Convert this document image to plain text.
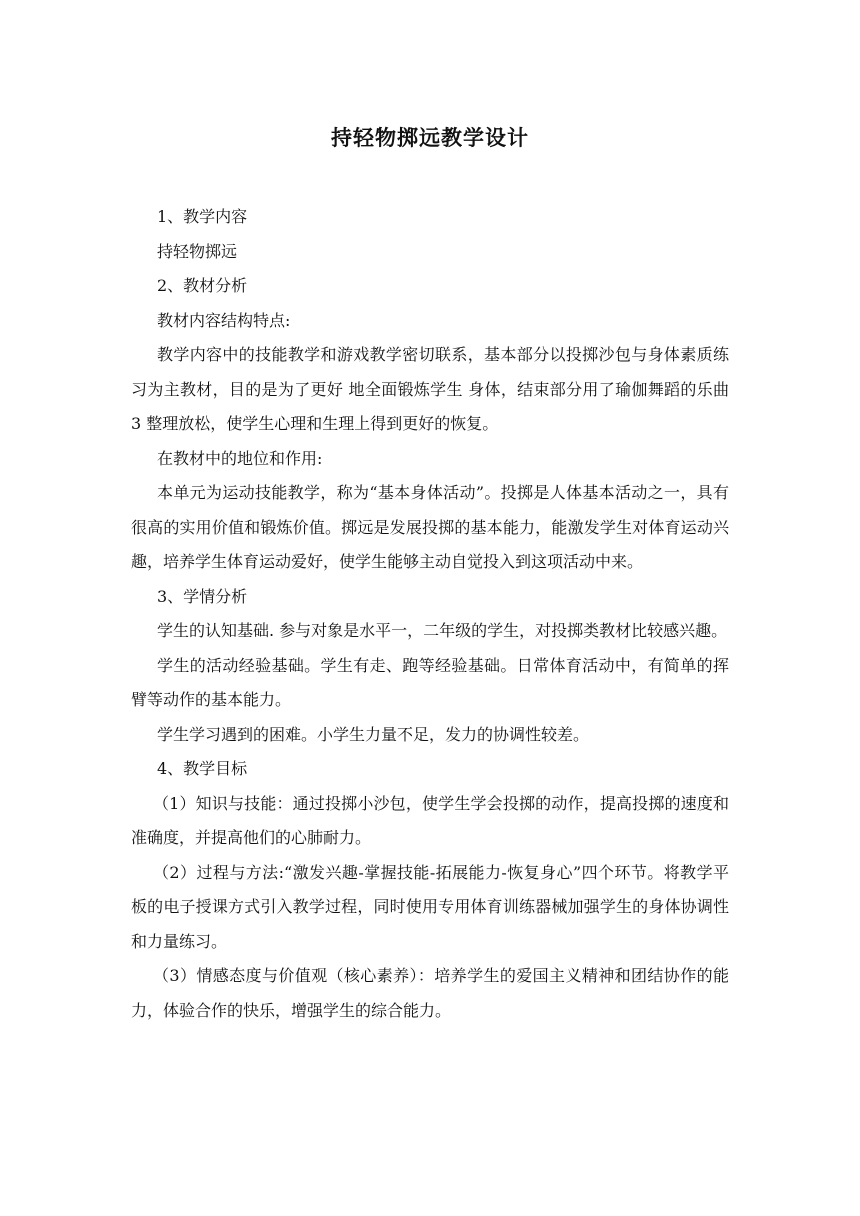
持轻物掷远教学设计

1、教学内容

持轻物掷远

2、教材分析

教材内容结构特点:

教学内容中的技能教学和游戏教学密切联系，基本部分以投掷沙包与身体素质练习为主教材，目的是为了更好 地全面锻炼学生 身体，结束部分用了瑜伽舞蹈的乐曲 3 整理放松，使学生心理和生理上得到更好的恢复。

在教材中的地位和作用:

本单元为运动技能教学，称为“基本身体活动”。投掷是人体基本活动之一，具有很高的实用价值和锻炼价值。掷远是发展投掷的基本能力，能激发学生对体育运动兴趣，培养学生体育运动爱好，使学生能够主动自觉投入到这项活动中来。

3、学情分析

学生的认知基础. 参与对象是水平一，二年级的学生，对投掷类教材比较感兴趣。

学生的活动经验基础。学生有走、跑等经验基础。日常体育活动中，有简单的挥臂等动作的基本能力。

学生学习遇到的困难。小学生力量不足，发力的协调性较差。

4、教学目标

（1）知识与技能：通过投掷小沙包，使学生学会投掷的动作，提高投掷的速度和准确度，并提高他们的心肺耐力。

（2）过程与方法:“激发兴趣-掌握技能-拓展能力-恢复身心”四个环节。将教学平板的电子授课方式引入教学过程，同时使用专用体育训练器械加强学生的身体协调性和力量练习。

（3）情感态度与价值观（核心素养）：培养学生的爱国主义精神和团结协作的能力，体验合作的快乐，增强学生的综合能力。
